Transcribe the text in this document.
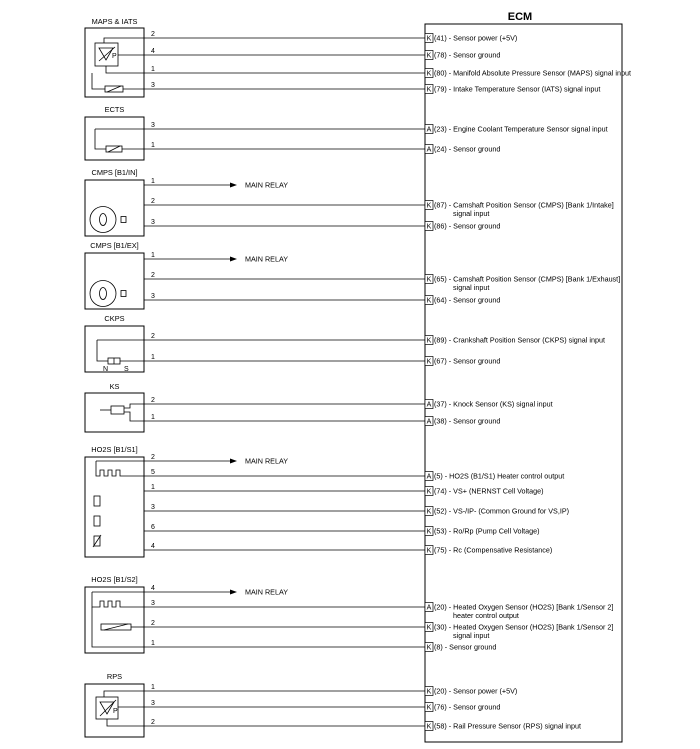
ECM
MAPS & IATS
2
K (41) - Sensor power (+5V)
4
K (78) - Sensor ground
1
K (80) - Manifold Absolute Pressure Sensor (MAPS) signal input
3
K (79) - Intake Temperature Sensor (IATS) signal input
P
ECTS
3
A (23) - Engine Coolant Temperature Sensor signal input
1
A (24) - Sensor ground
CMPS [B1/IN]
1	MAIN RELAY
2
K (87) - Camshaft Position Sensor (CMPS) [Bank 1/Intake]
signal input
3
K (86) - Sensor ground
CMPS [B1/EX]
1	MAIN RELAY
2
K (65) - Camshaft Position Sensor (CMPS) [Bank 1/Exhaust]
signal input
3
K (64) - Sensor ground
CKPS
2
K (89) - Crankshaft Position Sensor (CKPS) signal input
1
K (67) - Sensor ground
N S
KS
2
A (37) - Knock Sensor (KS) signal input
1
A (38) - Sensor ground
HO2S [B1/S1]
2	MAIN RELAY
5
A (5) - HO2S (B1/S1) Heater control output
1
K (74) - VS+ (NERNST Cell Voltage)
3
K (52) - VS-/IP- (Common Ground for VS,IP)
6
K (53) - Ro/Rp (Pump Cell Voltage)
4
K (75) - Rc (Compensative Resistance)
HO2S [B1/S2]
4	MAIN RELAY
3
A (20) - Heated Oxygen Sensor (HO2S) [Bank 1/Sensor 2]
heater control output
2
K (30) - Heated Oxygen Sensor (HO2S) [Bank 1/Sensor 2]
signal input
1
K (8) - Sensor ground
RPS
1
K (20) - Sensor power (+5V)
3
K (76) - Sensor ground
2
K (58) - Rail Pressure Sensor (RPS) signal input
P
